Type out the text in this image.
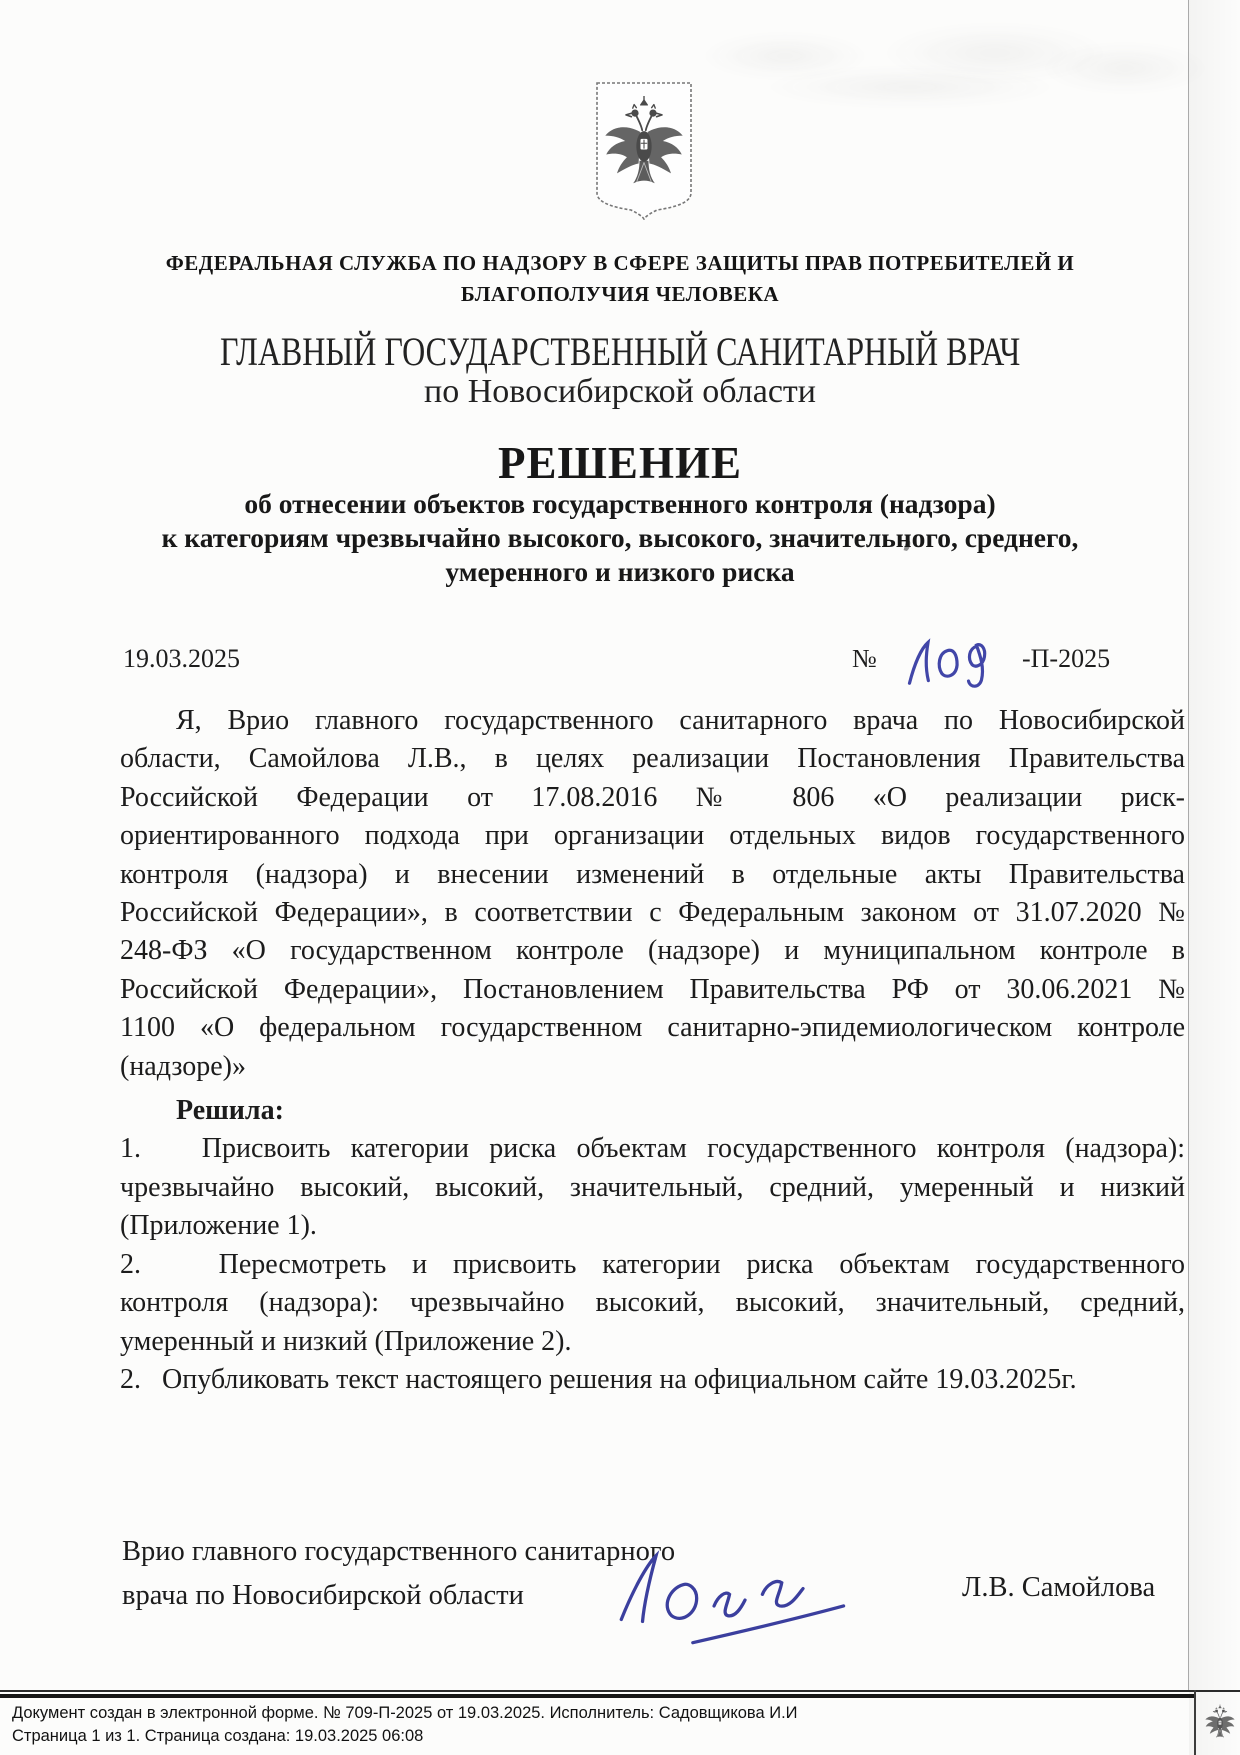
ФЕДЕРАЛЬНАЯ СЛУЖБА ПО НАДЗОРУ В СФЕРЕ ЗАЩИТЫ ПРАВ ПОТРЕБИТЕЛЕЙ И
БЛАГОПОЛУЧИЯ ЧЕЛОВЕКА
ГЛАВНЫЙ ГОСУДАРСТВЕННЫЙ САНИТАРНЫЙ ВРАЧ
по Новосибирской области
РЕШЕНИЕ
об отнесении объектов государственного контроля (надзора)
к категориям чрезвычайно высокого, высокого, значительного, среднего,
умеренного и низкого риска
19.03.2025	№	-П-2025
Я, Врио главного государственного санитарного врача по Новосибирской
области, Самойлова Л.В., в целях реализации Постановления Правительства
Российской Федерации от 17.08.2016 № 806 «О реализации риск-
ориентированного подхода при организации отдельных видов государственного
контроля (надзора) и внесении изменений в отдельные акты Правительства
Российской Федерации», в соответствии с Федеральным законом от 31.07.2020 №
248-ФЗ «О государственном контроле (надзоре) и муниципальном контроле в
Российской Федерации», Постановлением Правительства РФ от 30.06.2021 №
1100 «О федеральном государственном санитарно-эпидемиологическом контроле
(надзоре)»
Решила:
1.   Присвоить категории риска объектам государственного контроля (надзора):
чрезвычайно высокий, высокий, значительный, средний, умеренный и низкий
(Приложение 1).
2.   Пересмотреть и присвоить категории риска объектам государственного
контроля (надзора): чрезвычайно высокий, высокий, значительный, средний,
умеренный и низкий (Приложение 2).
2.   Опубликовать текст настоящего решения на официальном сайте 19.03.2025г.
Врио главного государственного санитарного
врача по Новосибирской области	Л.В. Самойлова
Документ создан в электронной форме. № 709-П-2025 от 19.03.2025. Исполнитель: Садовщикова И.И
Страница 1 из 1. Страница создана: 19.03.2025 06:08
